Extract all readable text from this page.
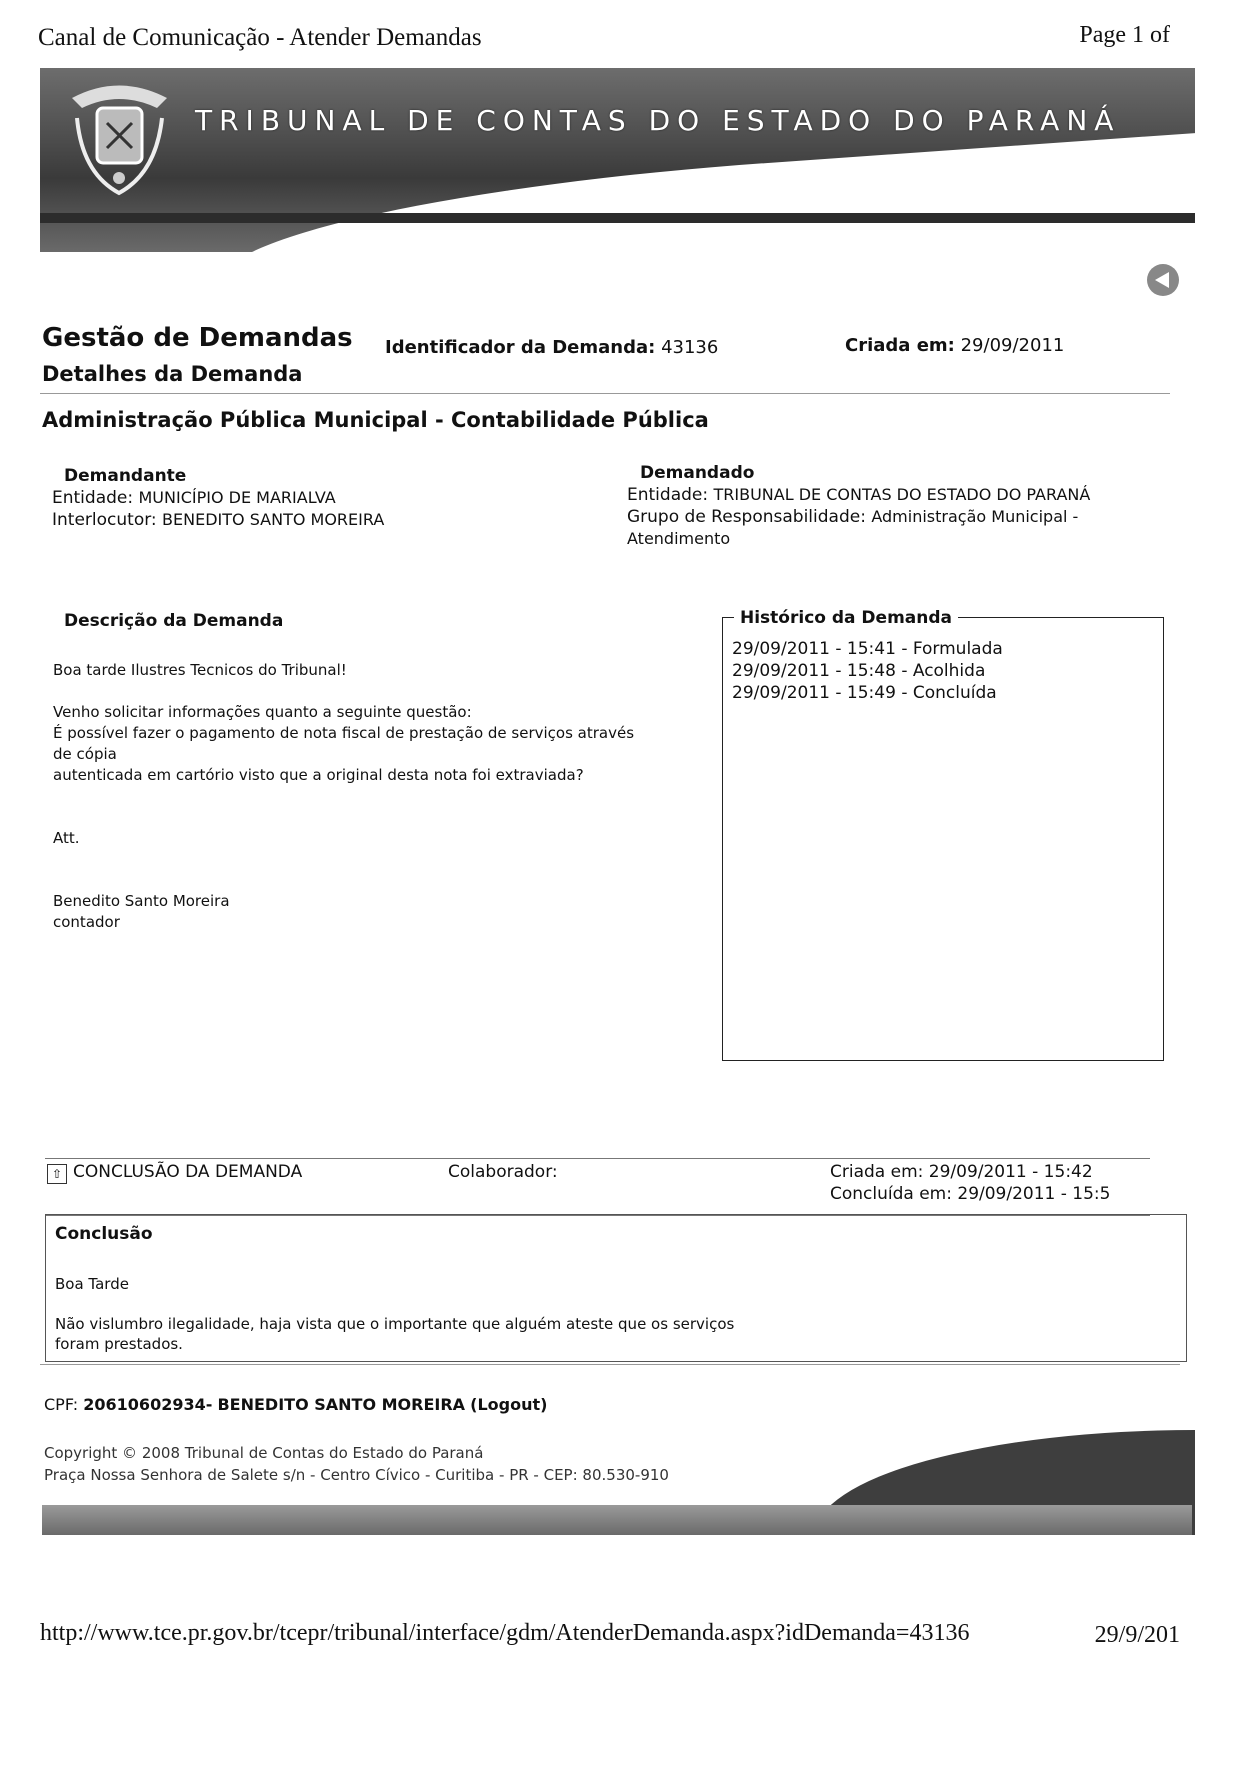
Canal de Comunicação - Atender Demandas	Page 1 of
TRIBUNAL DE CONTAS DO ESTADO DO PARANÁ
Gestão de Demandas
Detalhes da Demanda
Identificador da Demanda: 43136	Criada em: 29/09/2011
Administração Pública Municipal - Contabilidade Pública
Demandante
Entidade: MUNICÍPIO DE MARIALVA
Interlocutor: BENEDITO SANTO MOREIRA
Demandado
Entidade: TRIBUNAL DE CONTAS DO ESTADO DO PARANÁ
Grupo de Responsabilidade: Administração Municipal -
Atendimento
Descrição da Demanda
Boa tarde Ilustres Tecnicos do Tribunal!

Venho solicitar informações quanto a seguinte questão:
É possível fazer o pagamento de nota fiscal de prestação de serviços através
de cópia
autenticada em cartório visto que a original desta nota foi extraviada?

Att.

Benedito Santo Moreira
contador
Histórico da Demanda
29/09/2011 - 15:41 - Formulada
29/09/2011 - 15:48 - Acolhida
29/09/2011 - 15:49 - Concluída
⇧ CONCLUSÃO DA DEMANDA	Colaborador:	Criada em: 29/09/2011 - 15:42
Concluída em: 29/09/2011 - 15:5
Conclusão
Boa Tarde

Não vislumbro ilegalidade, haja vista que o importante que alguém ateste que os serviços
foram prestados.
CPF: 20610602934- BENEDITO SANTO MOREIRA (Logout)
Copyright © 2008 Tribunal de Contas do Estado do Paraná
Praça Nossa Senhora de Salete s/n - Centro Cívico - Curitiba - PR - CEP: 80.530-910
http://www.tce.pr.gov.br/tcepr/tribunal/interface/gdm/AtenderDemanda.aspx?idDemanda=43136	29/9/201
